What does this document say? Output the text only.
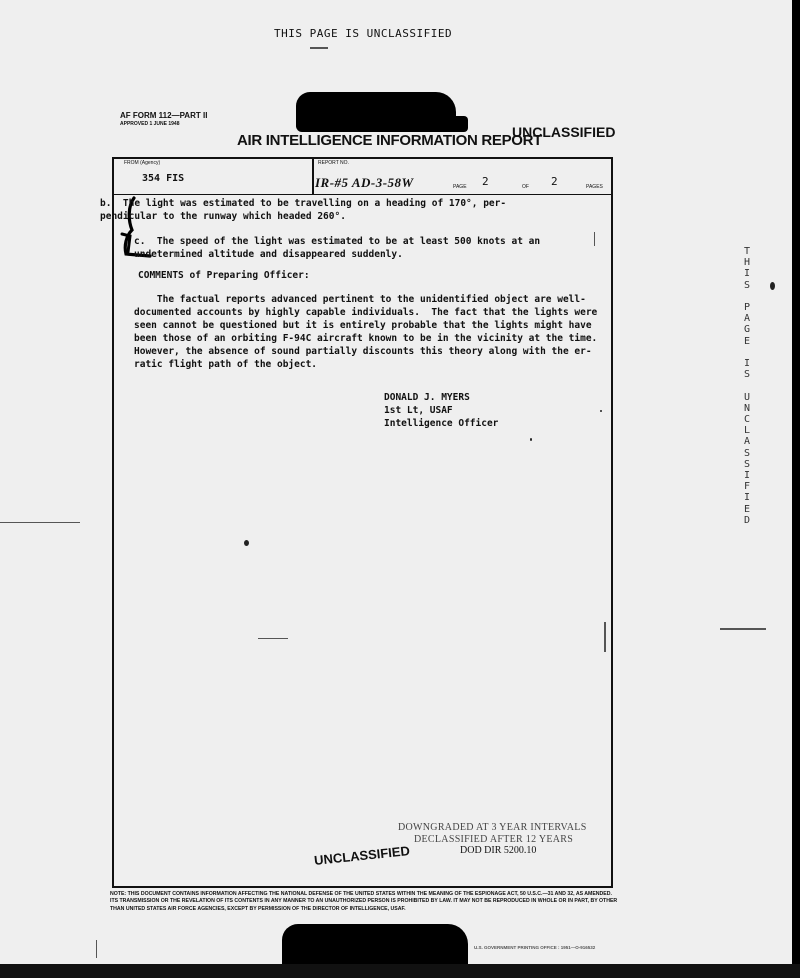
THIS PAGE IS UNCLASSIFIED
AF FORM 112—PART II
APPROVED 1 JUNE 1948	UNCLASSIFIED
AIR INTELLIGENCE INFORMATION REPORT
FROM (Agency)	REPORT NO.
354 FIS	IR-#5 AD-3-58W	PAGE 2	OF 2	PAGES
b.  The light was estimated to be travelling on a heading of 170°, per-
pendicular to the runway which headed 260°.
c.  The speed of the light was estimated to be at least 500 knots at an
undetermined altitude and disappeared suddenly.
COMMENTS of Preparing Officer:
The factual reports advanced pertinent to the unidentified object are well-
documented accounts by highly capable individuals.  The fact that the lights were
seen cannot be questioned but it is entirely probable that the lights might have
been those of an orbiting F-94C aircraft known to be in the vicinity at the time.
However, the absence of sound partially discounts this theory along with the er-
ratic flight path of the object.
DONALD J. MYERS
1st Lt, USAF
Intelligence Officer
T
H
I
S

P
A
G
E

I
S

U
N
C
L
A
S
S
I
F
I
E
D
DOWNGRADED AT 3 YEAR INTERVALS
DECLASSIFIED AFTER 12 YEARS
DOD DIR 5200.10
UNCLASSIFIED
NOTE: THIS DOCUMENT CONTAINS INFORMATION AFFECTING THE NATIONAL DEFENSE OF THE UNITED STATES WITHIN THE MEANING OF THE ESPIONAGE ACT, 50 U.S.C.—31 AND 32, AS AMENDED. ITS TRANSMISSION OR THE REVELATION OF ITS CONTENTS IN ANY MANNER TO AN UNAUTHORIZED PERSON IS PROHIBITED BY LAW. IT MAY NOT BE REPRODUCED IN WHOLE OR IN PART, BY OTHER THAN UNITED STATES AIR FORCE AGENCIES, EXCEPT BY PERMISSION OF THE DIRECTOR OF INTELLIGENCE, USAF.
U.S. GOVERNMENT PRINTING OFFICE : 1951—O-916532
